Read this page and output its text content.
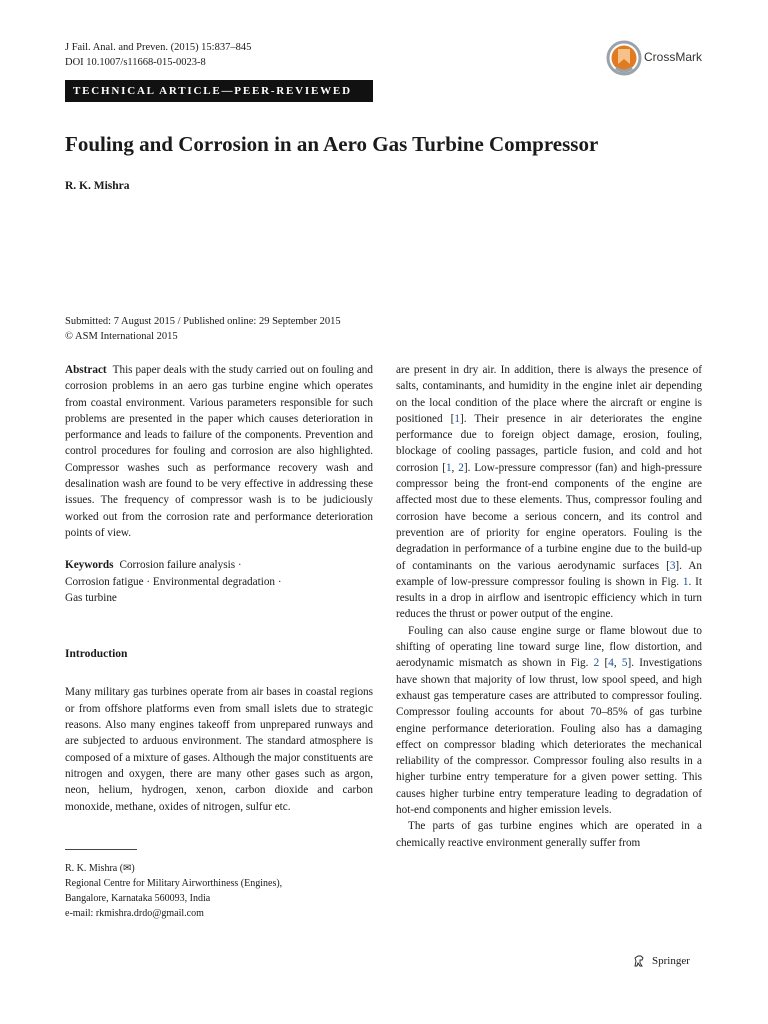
J Fail. Anal. and Preven. (2015) 15:837–845
DOI 10.1007/s11668-015-0023-8	CrossMark
TECHNICAL ARTICLE—PEER-REVIEWED
Fouling and Corrosion in an Aero Gas Turbine Compressor
R. K. Mishra
Submitted: 7 August 2015 / Published online: 29 September 2015
© ASM International 2015

Abstract This paper deals with the study carried out on fouling and corrosion problems in an aero gas turbine engine which operates from coastal environment. Various parameters responsible for such problems are presented in the paper which causes deterioration in performance and leads to failure of the components. Prevention and control procedures for fouling and corrosion are also highlighted. Compressor washes such as performance recovery wash and desalination wash are found to be very effective in addressing these issues. The frequency of compressor wash is to be judiciously worked out from the corrosion rate and performance deterioration points of view.

Keywords Corrosion failure analysis ·
Corrosion fatigue · Environmental degradation ·
Gas turbine

Introduction

Many military gas turbines operate from air bases in coastal regions or from offshore platforms even from small islets due to strategic reasons. Also many engines takeoff from unprepared runways and are subjected to arduous environment. The standard atmosphere is composed of a mixture of gases. Although the major constituents are nitrogen and oxygen, there are many other gases such as argon, neon, helium, hydrogen, xenon, carbon dioxide and carbon monoxide, methane, oxides of nitrogen, sulfur etc.

are present in dry air. In addition, there is always the presence of salts, contaminants, and humidity in the engine inlet air depending on the local condition of the place where the aircraft or engine is positioned [1]. Their presence in air deteriorates the engine performance due to foreign object damage, erosion, fouling, blockage of cooling passages, particle fusion, and cold and hot corrosion [1, 2]. Low-pressure compressor (fan) and high-pressure compressor being the front-end components of the engine are affected most due to these elements. Thus, compressor fouling and corrosion have become a serious concern, and its control and prevention are of priority for engine operators. Fouling is the degradation in performance of a turbine engine due to the build-up of contaminants on the various aerodynamic surfaces [3]. An example of low-pressure compressor fouling is shown in Fig. 1. It results in a drop in airflow and isentropic efficiency which in turn reduces the thrust or power output of the engine.

Fouling can also cause engine surge or flame blowout due to shifting of operating line toward surge line, flow distortion, and aerodynamic mismatch as shown in Fig. 2 [4, 5]. Investigations have shown that majority of low thrust, low spool speed, and high exhaust gas temperature cases are attributed to compressor fouling. Compressor fouling accounts for about 70–85% of gas turbine engine performance deterioration. Fouling also has a damaging effect on compressor blading which deteriorates the mechanical reliability of the compressor. Compressor fouling also results in a higher turbine entry temperature for a given power setting. This causes higher turbine entry temperature leading to degradation of hot-end components and higher emission levels.

The parts of gas turbine engines which are operated in a chemically reactive environment generally suffer from

R. K. Mishra (✉)
Regional Centre for Military Airworthiness (Engines),
Bangalore, Karnataka 560093, India
e-mail: rkmishra.drdo@gmail.com
Springer
